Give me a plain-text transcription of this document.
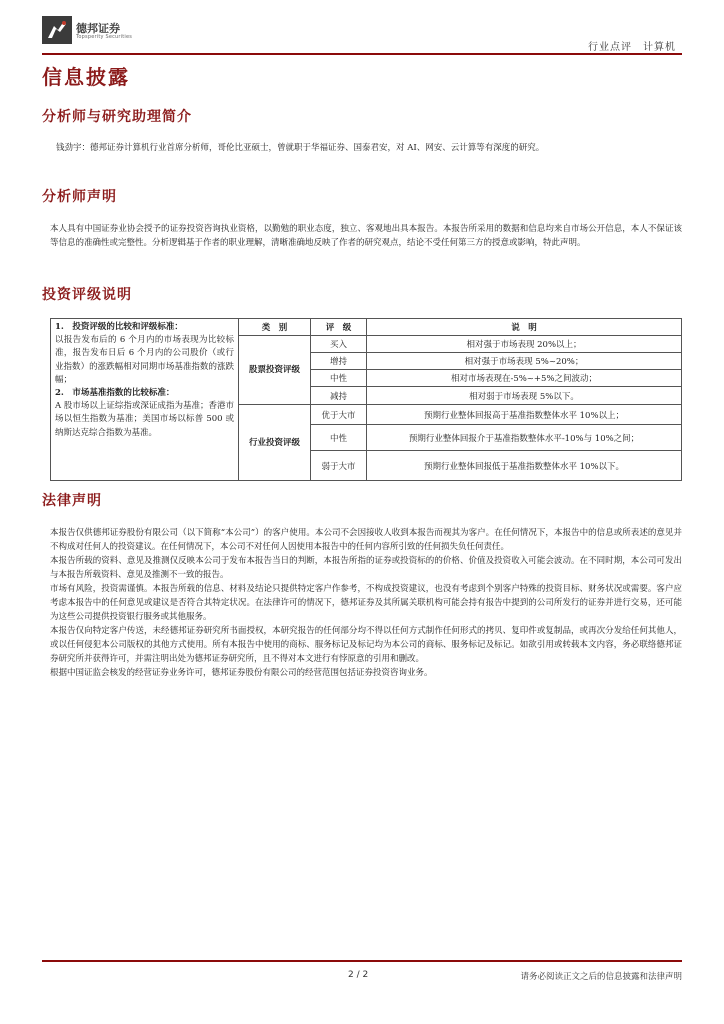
德邦证券
Topsperity Securities
行业点评　计算机
信息披露
分析师与研究助理简介
钱劲宇：德邦证券计算机行业首席分析师，哥伦比亚硕士，曾就职于华福证券、国泰君安，对 AI、网安、云计算等有深度的研究。
分析师声明
本人具有中国证券业协会授予的证券投资咨询执业资格，以勤勉的职业态度，独立、客观地出具本报告。本报告所采用的数据和信息均来自市场公开信息，本人不保证该等信息的准确性或完整性。分析逻辑基于作者的职业理解，清晰准确地反映了作者的研究观点，结论不受任何第三方的授意或影响，特此声明。
投资评级说明
1.　投资评级的比较和评级标准：
以报告发布后的 6 个月内的市场表现为比较标准，报告发布日后 6 个月内的公司股价（或行业指数）的涨跌幅相对同期市场基准指数的涨跌幅；
2.　市场基准指数的比较标准：
A 股市场以上证综指或深证成指为基准；香港市场以恒生指数为基准；美国市场以标普 500 或纳斯达克综合指数为基准。	类　别	评　级	说　明
	股票投资评级	买入	相对强于市场表现 20%以上；
		增持	相对强于市场表现 5%~20%；
		中性	相对市场表现在-5%~+5%之间波动；
		减持	相对弱于市场表现 5%以下。
	行业投资评级	优于大市	预期行业整体回报高于基准指数整体水平 10%以上；
		中性	预期行业整体回报介于基准指数整体水平-10%与 10%之间；
		弱于大市	预期行业整体回报低于基准指数整体水平 10%以下。
法律声明
本报告仅供德邦证券股份有限公司（以下简称“本公司”）的客户使用。本公司不会因接收人收到本报告而视其为客户。在任何情况下，本报告中的信息或所表述的意见并不构成对任何人的投资建议。在任何情况下，本公司不对任何人因使用本报告中的任何内容所引致的任何损失负任何责任。
本报告所载的资料、意见及推测仅反映本公司于发布本报告当日的判断，本报告所指的证券或投资标的的价格、价值及投资收入可能会波动。在不同时期，本公司可发出与本报告所载资料、意见及推测不一致的报告。
市场有风险，投资需谨慎。本报告所载的信息、材料及结论只提供特定客户作参考，不构成投资建议，也没有考虑到个别客户特殊的投资目标、财务状况或需要。客户应考虑本报告中的任何意见或建议是否符合其特定状况。在法律许可的情况下，德邦证券及其所属关联机构可能会持有报告中提到的公司所发行的证券并进行交易，还可能为这些公司提供投资银行服务或其他服务。
本报告仅向特定客户传送，未经德邦证券研究所书面授权，本研究报告的任何部分均不得以任何方式制作任何形式的拷贝、复印件或复制品，或再次分发给任何其他人，或以任何侵犯本公司版权的其他方式使用。所有本报告中使用的商标、服务标记及标记均为本公司的商标、服务标记及标记。如欲引用或转载本文内容，务必联络德邦证券研究所并获得许可，并需注明出处为德邦证券研究所，且不得对本文进行有悖原意的引用和删改。
根据中国证监会核发的经营证券业务许可，德邦证券股份有限公司的经营范围包括证券投资咨询业务。
2 / 2	请务必阅读正文之后的信息披露和法律声明
